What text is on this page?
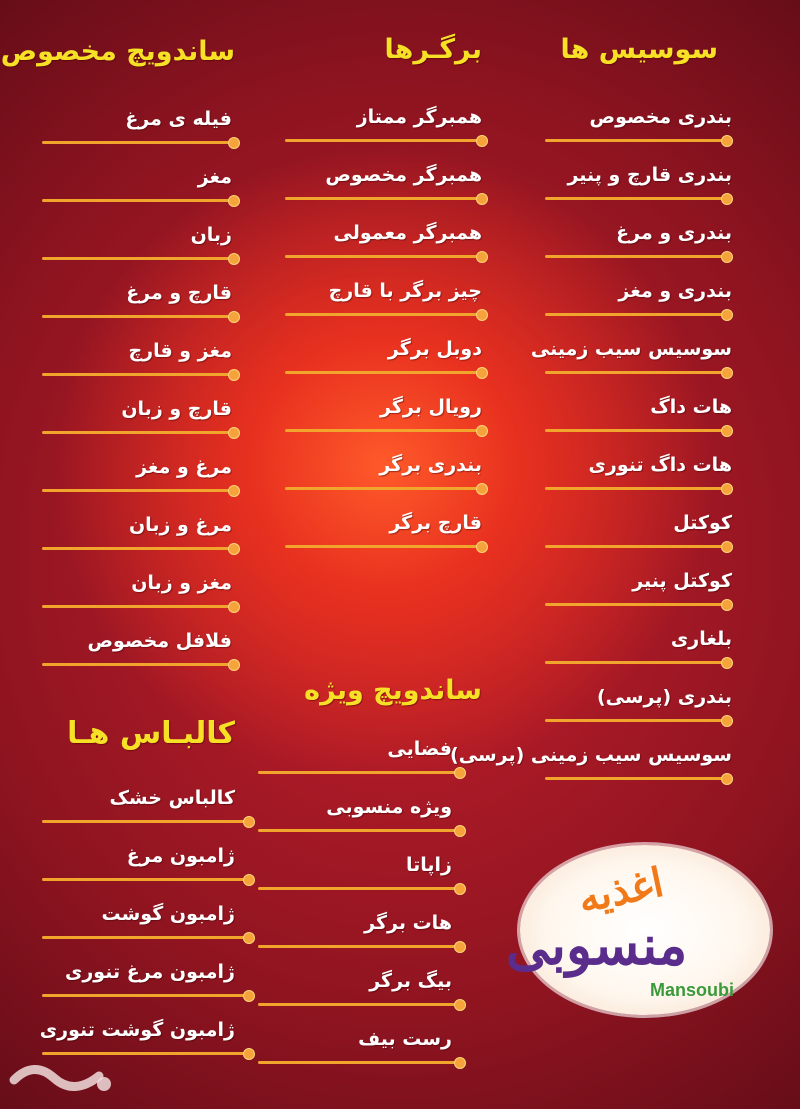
سوسیس ها
بندری مخصوص
بندری قارچ و پنیر
بندری و مرغ
بندری و مغز
سوسیس سیب زمینی
هات داگ
هات داگ تنوری
کوکتل
کوکتل پنیر
بلغاری
بندری (پرسی)
سوسیس سیب زمینی (پرسی)
برگـرها
همبرگر ممتاز
همبرگر مخصوص
همبرگر معمولی
چیز برگر با قارچ
دوبل برگر
رویال برگر
بندری برگر
قارچ برگر
ساندویچ مخصوص
فیله ی مرغ
مغز
زبان
قارچ و مرغ
مغز و قارچ
قارچ و زبان
مرغ و مغز
مرغ و زبان
مغز و زبان
فلافل مخصوص
ساندویچ ویژه
فضایی
ویژه منسوبی
زاپاتا
هات برگر
بیگ برگر
رست بیف
کالبـاس هـا
کالباس خشک
ژامبون مرغ
ژامبون گوشت
ژامبون مرغ تنوری
ژامبون گوشت تنوری
اغذیه
منسوبی
Mansoubi
